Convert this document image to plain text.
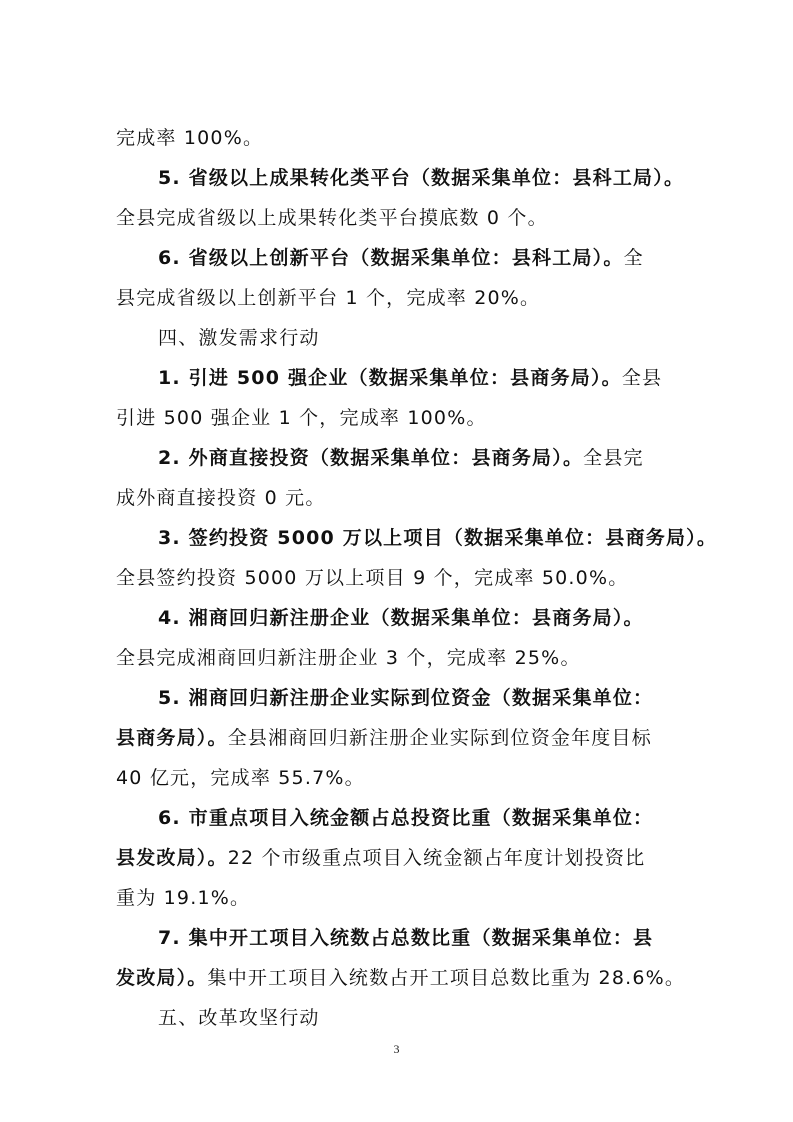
完成率 100%。
5. 省级以上成果转化类平台（数据采集单位：县科工局）。
全县完成省级以上成果转化类平台摸底数 0 个。
6. 省级以上创新平台（数据采集单位：县科工局）。全
县完成省级以上创新平台 1 个，完成率 20%。
四、激发需求行动
1. 引进 500 强企业（数据采集单位：县商务局）。全县
引进 500 强企业 1 个，完成率 100%。
2. 外商直接投资（数据采集单位：县商务局）。全县完
成外商直接投资 0 元。
3. 签约投资 5000 万以上项目（数据采集单位：县商务局）。
全县签约投资 5000 万以上项目 9 个，完成率 50.0%。
4. 湘商回归新注册企业（数据采集单位：县商务局）。
全县完成湘商回归新注册企业 3 个，完成率 25%。
5. 湘商回归新注册企业实际到位资金（数据采集单位：
县商务局）。全县湘商回归新注册企业实际到位资金年度目标
40 亿元，完成率 55.7%。
6. 市重点项目入统金额占总投资比重（数据采集单位：
县发改局）。22 个市级重点项目入统金额占年度计划投资比
重为 19.1%。
7. 集中开工项目入统数占总数比重（数据采集单位：县
发改局）。集中开工项目入统数占开工项目总数比重为 28.6%。
五、改革攻坚行动
3
